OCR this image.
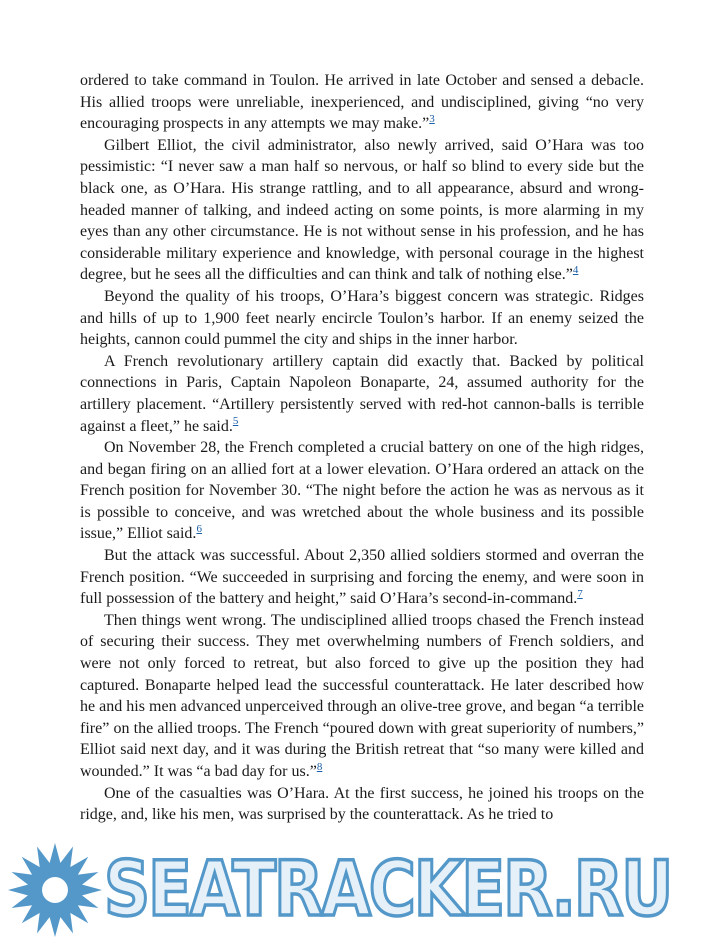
ordered to take command in Toulon. He arrived in late October and sensed a debacle. His allied troops were unreliable, inexperienced, and undisciplined, giving “no very encouraging prospects in any attempts we may make.”$^3$

Gilbert Elliot, the civil administrator, also newly arrived, said O’Hara was too pessimistic: “I never saw a man half so nervous, or half so blind to every side but the black one, as O’Hara. His strange rattling, and to all appearance, absurd and wrong-headed manner of talking, and indeed acting on some points, is more alarming in my eyes than any other circumstance. He is not without sense in his profession, and he has considerable military experience and knowledge, with personal courage in the highest degree, but he sees all the difficulties and can think and talk of nothing else.”$^4$

Beyond the quality of his troops, O’Hara’s biggest concern was strategic. Ridges and hills of up to 1,900 feet nearly encircle Toulon’s harbor. If an enemy seized the heights, cannon could pummel the city and ships in the inner harbor.

A French revolutionary artillery captain did exactly that. Backed by political connections in Paris, Captain Napoleon Bonaparte, 24, assumed authority for the artillery placement. “Artillery persistently served with red-hot cannon-balls is terrible against a fleet,” he said.$^5$

On November 28, the French completed a crucial battery on one of the high ridges, and began firing on an allied fort at a lower elevation. O’Hara ordered an attack on the French position for November 30. “The night before the action he was as nervous as it is possible to conceive, and was wretched about the whole business and its possible issue,” Elliot said.$^6$

But the attack was successful. About 2,350 allied soldiers stormed and overran the French position. “We succeeded in surprising and forcing the enemy, and were soon in full possession of the battery and height,” said O’Hara’s second-in-command.$^7$

Then things went wrong. The undisciplined allied troops chased the French instead of securing their success. They met overwhelming numbers of French soldiers, and were not only forced to retreat, but also forced to give up the position they had captured. Bonaparte helped lead the successful counterattack. He later described how he and his men advanced unperceived through an olive-tree grove, and began “a terrible fire” on the allied troops. The French “poured down with great superiority of numbers,” Elliot said next day, and it was during the British retreat that “so many were killed and wounded.” It was “a bad day for us.”$^8$

One of the casualties was O’Hara. At the first success, he joined his troops on the ridge, and, like his men, was surprised by the counterattack. As he tried to

SEATRACKER.RU
